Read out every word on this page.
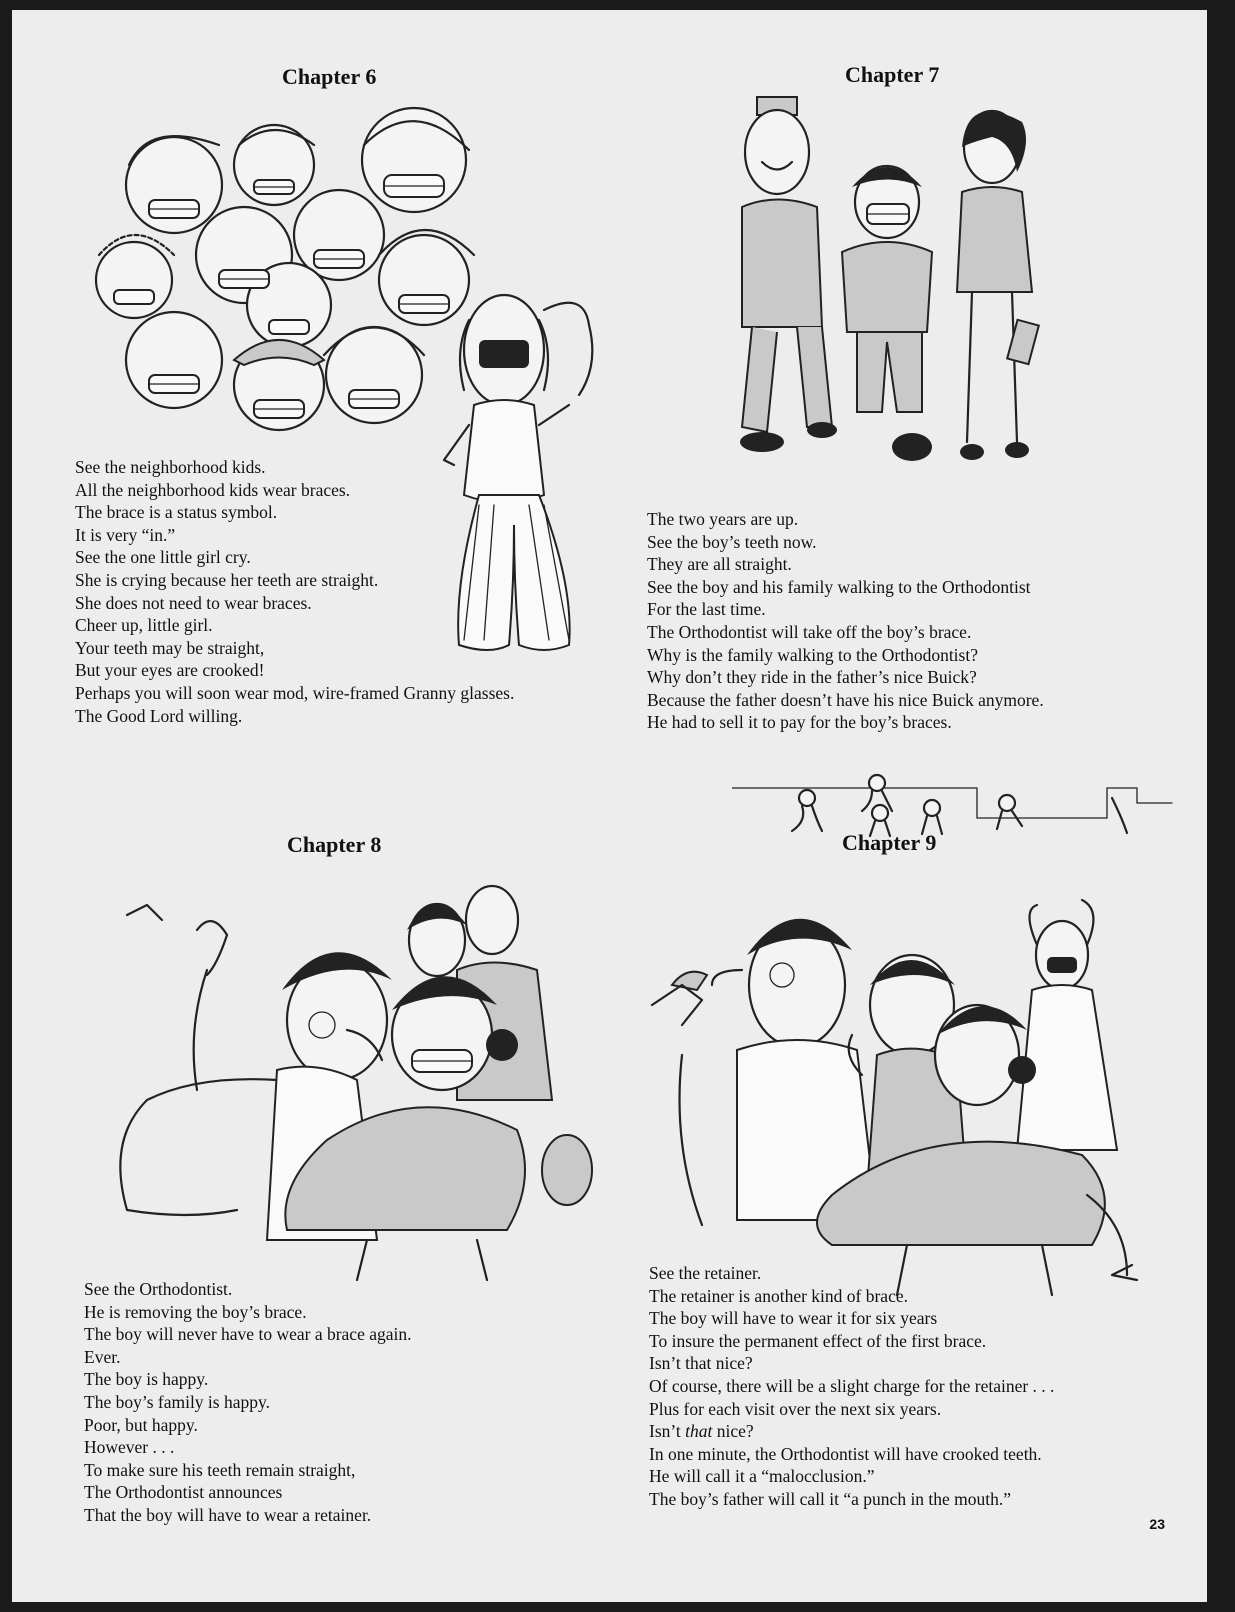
Chapter 6
See the neighborhood kids.
All the neighborhood kids wear braces.
The brace is a status symbol.
It is very “in.”
See the one little girl cry.
She is crying because her teeth are straight.
She does not need to wear braces.
Cheer up, little girl.
Your teeth may be straight,
But your eyes are crooked!
Perhaps you will soon wear mod, wire-framed Granny glasses.
The Good Lord willing.
Chapter 7
The two years are up.
See the boy’s teeth now.
They are all straight.
See the boy and his family walking to the Orthodontist
For the last time.
The Orthodontist will take off the boy’s brace.
Why is the family walking to the Orthodontist?
Why don’t they ride in the father’s nice Buick?
Because the father doesn’t have his nice Buick anymore.
He had to sell it to pay for the boy’s braces.
Chapter 8
See the Orthodontist.
He is removing the boy’s brace.
The boy will never have to wear a brace again.
Ever.
The boy is happy.
The boy’s family is happy.
Poor, but happy.
However . . .
To make sure his teeth remain straight,
The Orthodontist announces
That the boy will have to wear a retainer.
Chapter 9
See the retainer.
The retainer is another kind of brace.
The boy will have to wear it for six years
To insure the permanent effect of the first brace.
Isn’t that nice?
Of course, there will be a slight charge for the retainer . . .
Plus for each visit over the next six years.
Isn’t that nice?
In one minute, the Orthodontist will have crooked teeth.
He will call it a “malocclusion.”
The boy’s father will call it “a punch in the mouth.”
23
